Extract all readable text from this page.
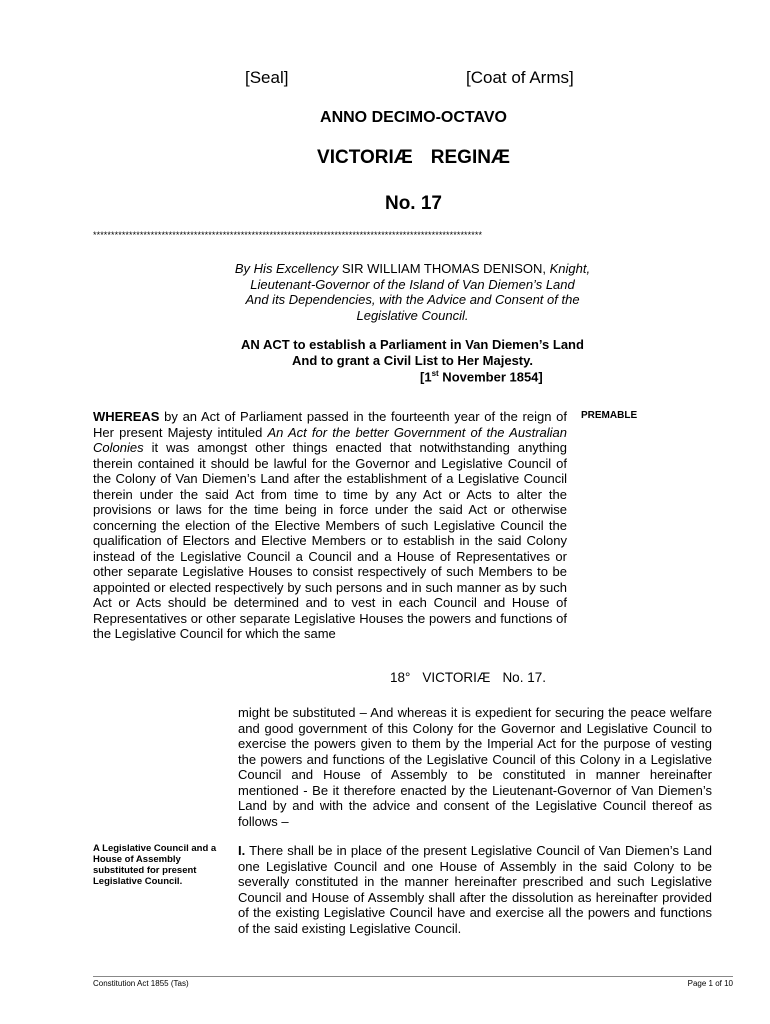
[Seal]	[Coat of Arms]
ANNO DECIMO-OCTAVO
VICTORIÆ REGINÆ
No. 17
************************************************************************************************************
By His Excellency SIR WILLIAM THOMAS DENISON, Knight,
Lieutenant-Governor of the Island of Van Diemen’s Land
And its Dependencies, with the Advice and Consent of the
Legislative Council.
AN ACT to establish a Parliament in Van Diemen’s Land
And to grant a Civil List to Her Majesty.
[1st November 1854]
WHEREAS by an Act of Parliament passed in the fourteenth year of the reign of Her present Majesty intituled An Act for the better Government of the Australian Colonies it was amongst other things enacted that notwithstanding anything therein contained it should be lawful for the Governor and Legislative Council of the Colony of Van Diemen’s Land after the establishment of a Legislative Council therein under the said Act from time to time by any Act or Acts to alter the provisions or laws for the time being in force under the said Act or otherwise concerning the election of the Elective Members of such Legislative Council the qualification of Electors and Elective Members or to establish in the said Colony instead of the Legislative Council a Council and a House of Representatives or other separate Legislative Houses to consist respectively of such Members to be appointed or elected respectively by such persons and in such manner as by such Act or Acts should be determined and to vest in each Council and House of Representatives or other separate Legislative Houses the powers and functions of the Legislative Council for which the same
PREMABLE
18° VICTORIÆ No. 17.
might be substituted – And whereas it is expedient for securing the peace welfare and good government of this Colony for the Governor and Legislative Council to exercise the powers given to them by the Imperial Act for the purpose of vesting the powers and functions of the Legislative Council of this Colony in a Legislative Council and House of Assembly to be constituted in manner hereinafter mentioned - Be it therefore enacted by the Lieutenant-Governor of Van Diemen’s Land by and with the advice and consent of the Legislative Council thereof as follows –
A Legislative Council and a House of Assembly substituted for present Legislative Council.
I. There shall be in place of the present Legislative Council of Van Diemen’s Land one Legislative Council and one House of Assembly in the said Colony to be severally constituted in the manner hereinafter prescribed and such Legislative Council and House of Assembly shall after the dissolution as hereinafter provided of the existing Legislative Council have and exercise all the powers and functions of the said existing Legislative Council.
Constitution Act 1855 (Tas)	Page 1 of 10
